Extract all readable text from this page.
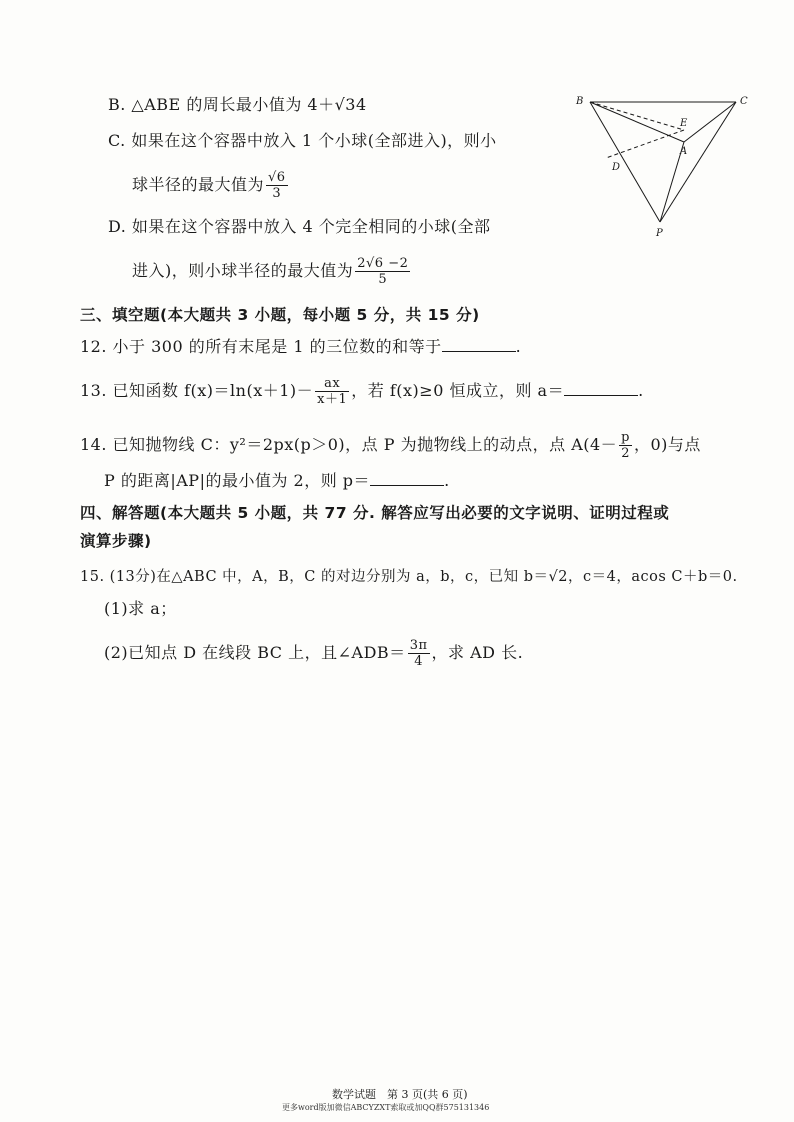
B. △ABE 的周长最小值为 4＋√34
C. 如果在这个容器中放入 1 个小球(全部进入)，则小
球半径的最大值为 $\frac{√6}{3}$
D. 如果在这个容器中放入 4 个完全相同的小球(全部
进入)，则小球半径的最大值为 $\frac{2√6 -2}{5}$
B	C
E
A
D
P
三、填空题(本大题共 3 小题，每小题 5 分，共 15 分)
12. 小于 300 的所有末尾是 1 的三位数的和等于	.
13. 已知函数 $f(x)=\ln(x+1)- \frac{ax}{x+1}$ ，若 f(x)≥0 恒成立，则 a＝	.
14. 已知抛物线 C：y²＝2px(p＞0)，点 P 为抛物线上的动点，点 $A(4- \frac{p}{2}$ ，0)与点
P 的距离|AP|的最小值为 2，则 p＝	.
四、解答题(本大题共 5 小题，共 77 分. 解答应写出必要的文字说明、证明过程或
演算步骤)
15. (13分)在△ABC 中，A，B，C 的对边分别为 a，b，c，已知 b＝√2，c＝4，acos C＋b＝0.
(1)求 a；
(2)已知点 D 在线段 BC 上，且∠ADB＝ $\frac{3\pi}{4}$ ，求 AD 长.
数学试题　第 3 页(共 6 页)
更多word版加微信ABCYZXT索取或加QQ群575131346
